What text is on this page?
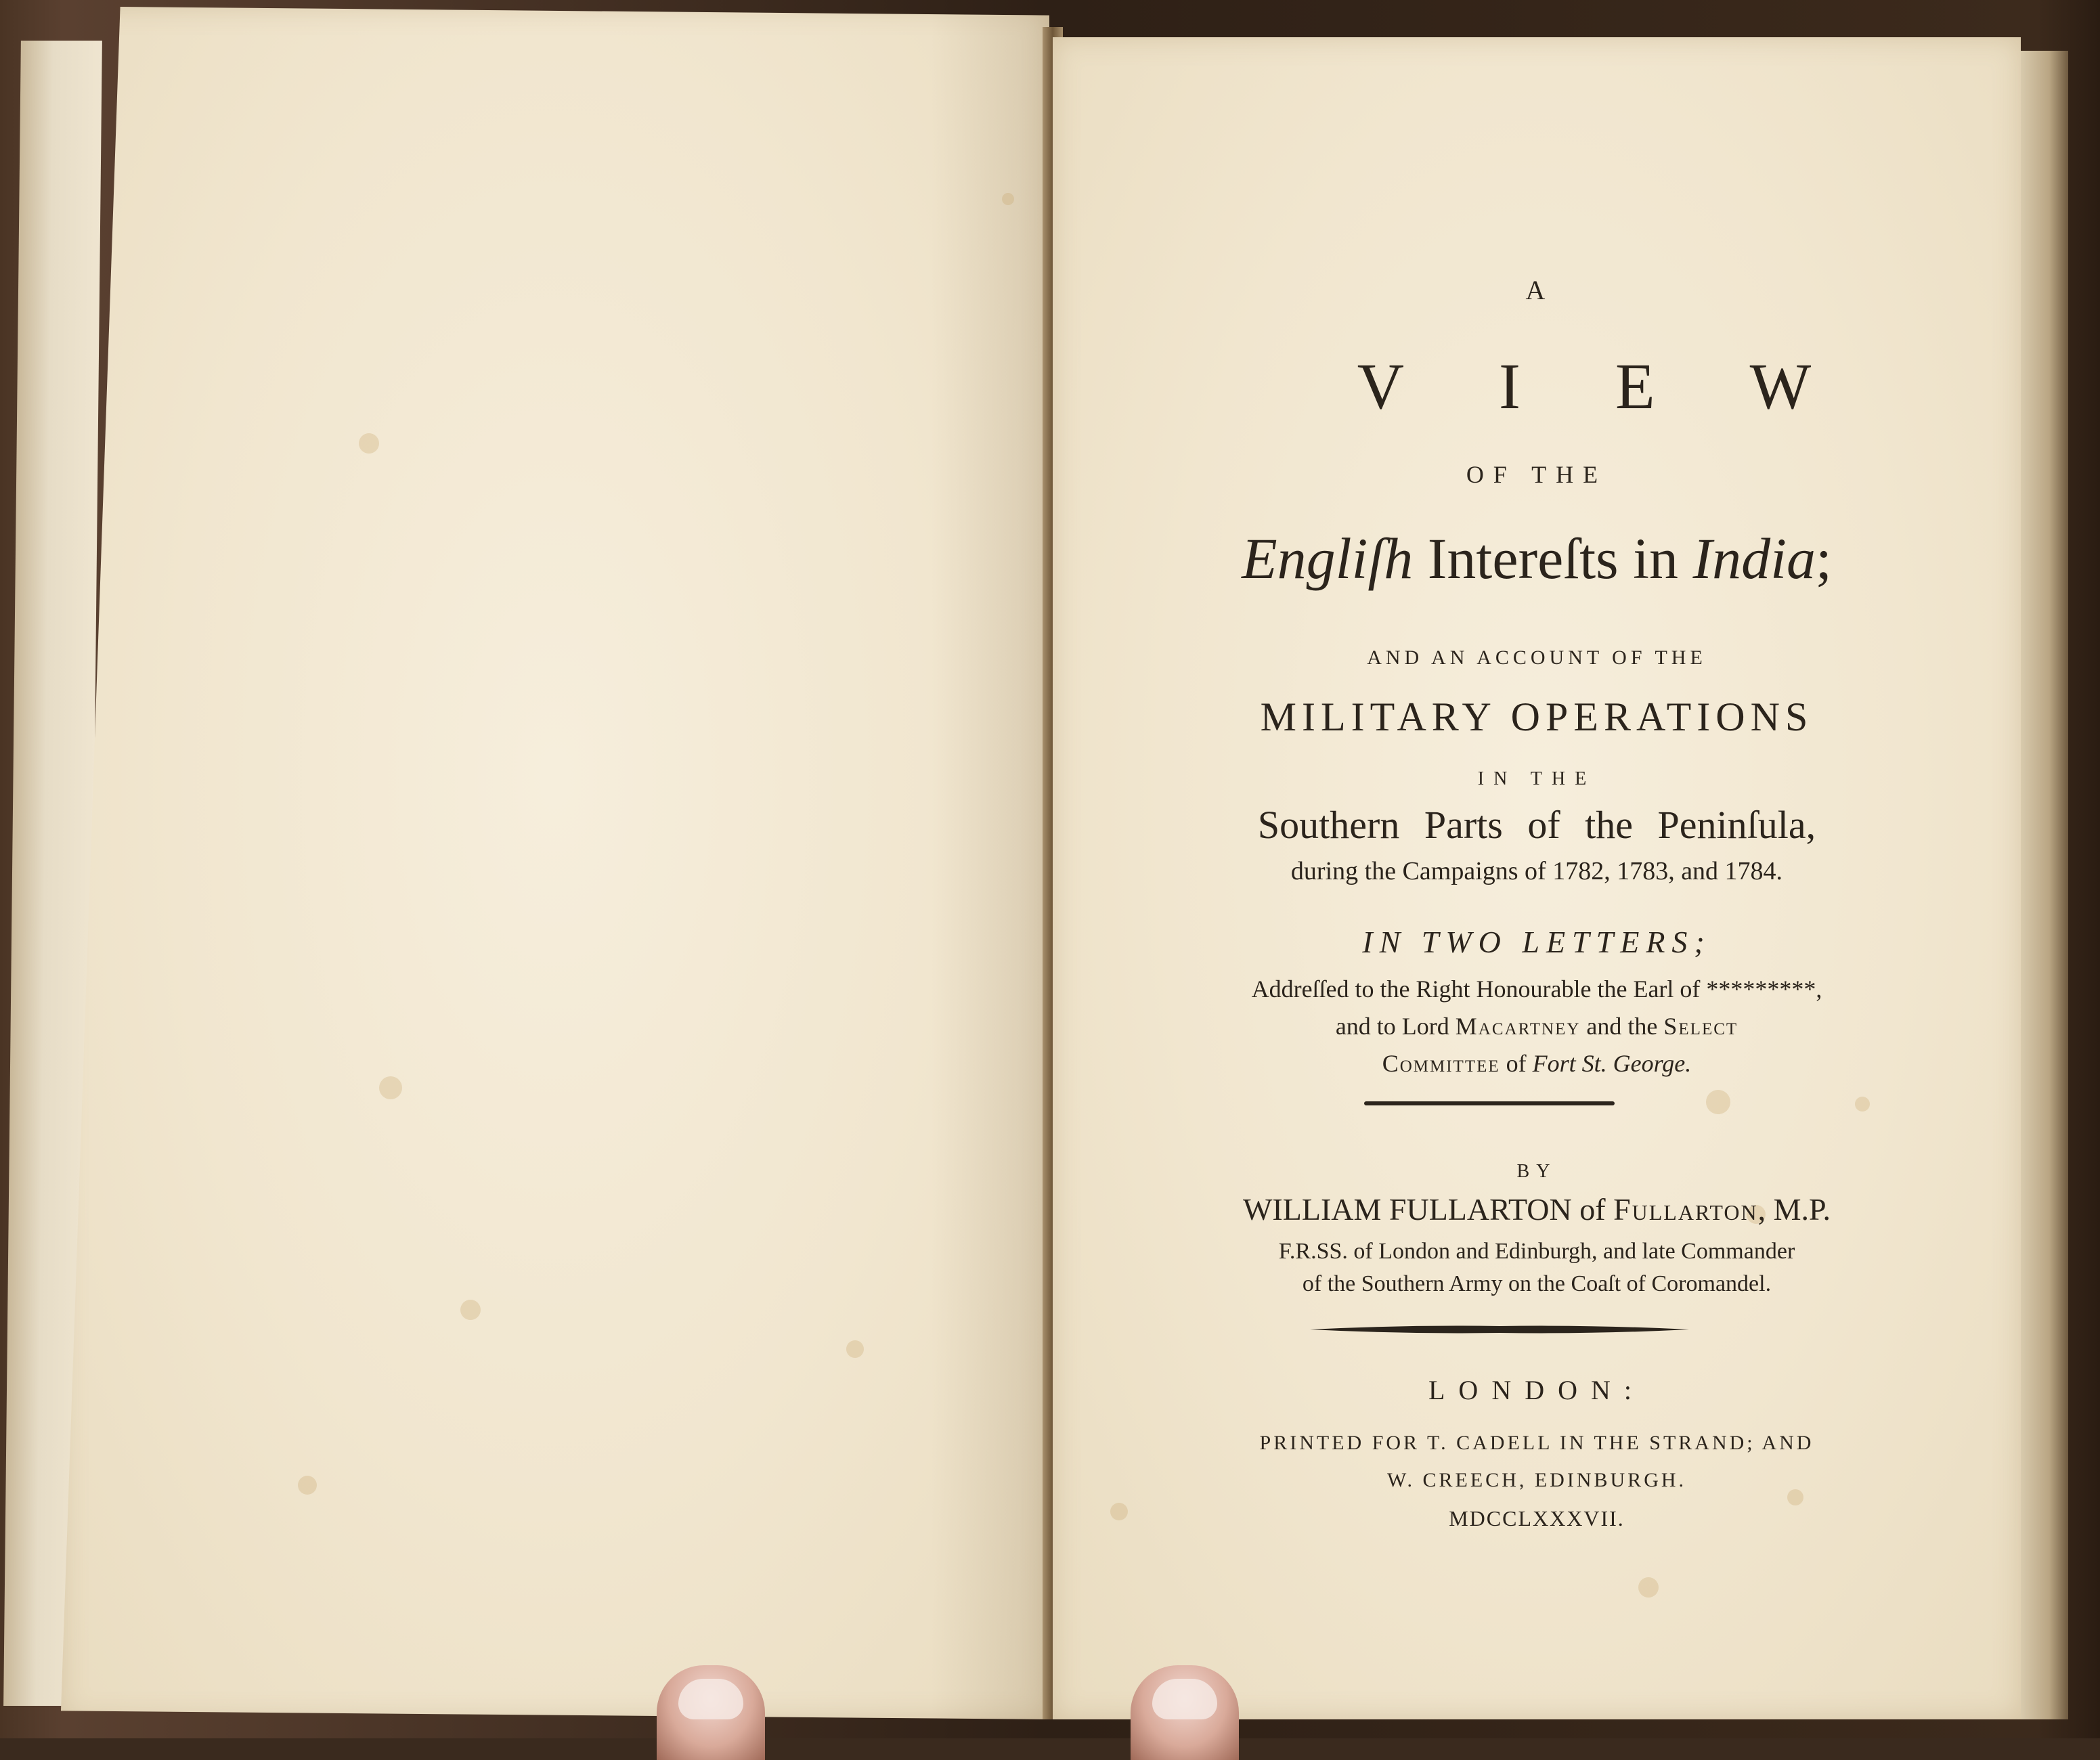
A
VIEW
OF THE
Engliſh Intereſts in India;
AND AN ACCOUNT OF THE
MILITARY OPERATIONS
IN THE
Southern Parts of the Peninſula,
during the Campaigns of 1782, 1783, and 1784.
IN TWO LETTERS;
Addreſſed to the Right Honourable the Earl of *********,
and to Lord Macartney and the Select
Committee of Fort St. George.
BY
WILLIAM FULLARTON of Fullarton, M.P.
F.R.SS. of London and Edinburgh, and late Commander
of the Southern Army on the Coaſt of Coromandel.
LONDON:
PRINTED FOR T. CADELL IN THE STRAND; AND
W. CREECH, EDINBURGH.
MDCCLXXXVII.
